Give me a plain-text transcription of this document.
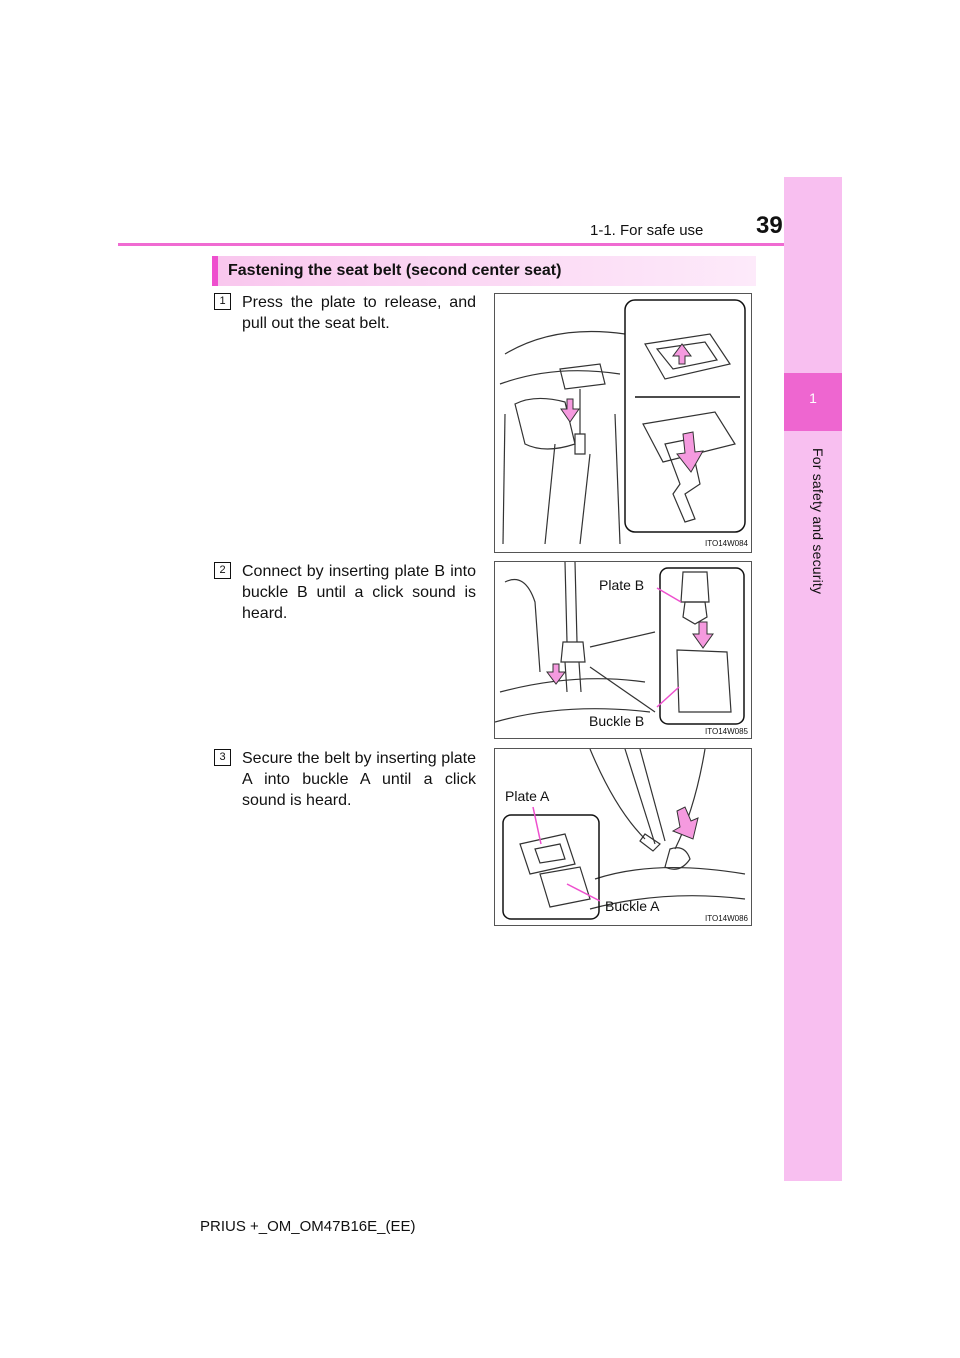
1-1. For safe use 39
1
For safety and security
Fastening the seat belt (second center seat)
1	Press the plate to release, and pull out the seat belt.
ITO14W084
2	Connect by inserting plate B into buckle B until a click sound is heard.
Plate B
Buckle B
ITO14W085
3	Secure the belt by inserting plate A into buckle A until a click sound is heard.	Plate A
Buckle A
ITO14W086
PRIUS +_OM_OM47B16E_(EE)
